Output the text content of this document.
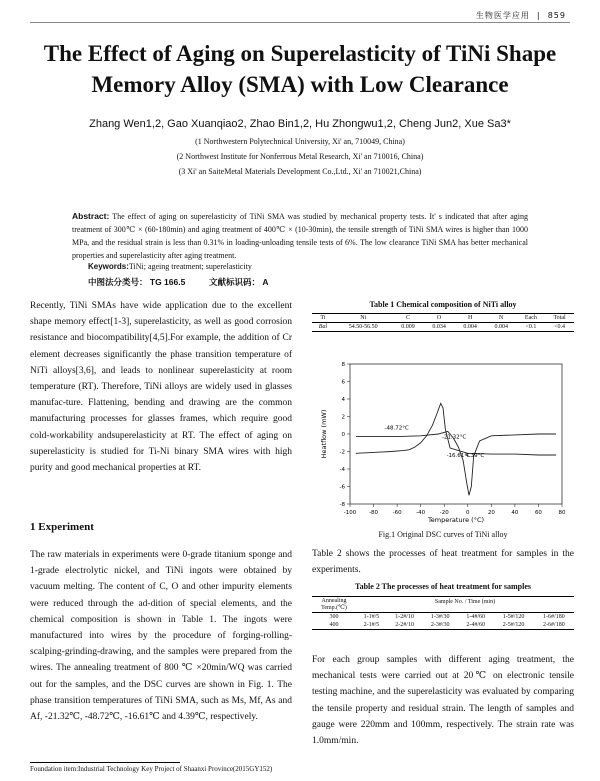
生物医学应用  |  859
The Effect of Aging on Superelasticity of TiNi Shape Memory Alloy (SMA) with Low Clearance
Zhang Wen1,2, Gao Xuanqiao2, Zhao Bin1,2, Hu Zhongwu1,2, Cheng Jun2, Xue Sa3*
(1 Northwestern Polytechnical University, Xi' an, 710049, China)
(2 Northwest Institute for Nonferrous Metal Research, Xi' an 710016, China)
(3 Xi' an SaiteMetal Materials Development Co.,Ltd., Xi' an 710021,China)
Abstract: The effect of aging on superelasticity of TiNi SMA was studied by mechanical property tests. It' s indicated that after aging treatment of 300℃ × (60-180min) and aging treatment of 400℃ × (10-30min), the tensile strength of TiNi SMA wires is higher than 1000 MPa, and the residual strain is less than 0.31% in loading-unloading tensile tests of 6%. The low clearance TiNi SMA has better mechanical properties and superelasticity after aging treatment.
Keywords:TiNi; ageing treatment; superelasticity
中图法分类号： TG 166.5	文献标识码： A
Recently, TiNi SMAs have wide application due to the excellent shape memory effect[1-3], superelasticity, as well as good corrosion resistance and biocompatibility[4,5].For example, the addition of Cr element decreases significantly the phase transition temperature of NiTi alloys[3,6], and leads to nonlinear superelasticity at room temperature (RT). Therefore, TiNi alloys are widely used in glasses manufac-ture. Flattening, bending and drawing are the common manufacturing processes for glasses frames, which require good cold-workability andsuperelasticity at RT. The effect of aging on superelasticity is studied for Ti-Ni binary SMA wires with high purity and good mechanical properties at RT.
1 Experiment
The raw materials in experiments were 0-grade titanium sponge and 1-grade electrolytic nickel, and TiNi ingots were obtained by vacuum melting. The content of C, O and other impurity elements were reduced through the ad-dition of special elements, and the chemical composition is shown in Table 1. The ingots were manufactured into wires by the procedure of forging-rolling-scalping-grinding-drawing, and the samples were prepared from the wires. The annealing treatment of 800 ℃ ×20min/WQ was carried out for the samples, and the DSC curves are shown in Fig. 1. The phase transition temperatures of TiNi SMA, such as Ms, Mf, As and Af, -21.32℃, -48.72℃, -16.61℃ and 4.39℃, respectively.
Table 1 Chemical composition of NiTi alloy
Ti	Ni	C	O	H	N	Each	Total
Bal	54.50-56.50	0.009	0.034	0.004	0.004	<0.1	<0.4
-100 -80	-60	-40	-20	0	20	40	60	80
-8
-6
-4
-2
0
2
4
6
8
Temperature (°C)
Heatflow (mW)	-48.72°C
-21.32°C
-16.61°C
4.39°C
Fig.1 Original DSC curves of TiNi alloy
Table 2 shows the processes of heat treatment for samples in the experiments.
Table 2 The processes of heat treatment for samples
Annealing Temp.(℃)	Sample No. / Time (min)					

300	1-1#/5	1-2#/10	1-3#/30	1-4#/60	1-5#/120	1-6#/180
400	2-1#/5	2-2#/10	2-3#/30	2-4#/60	2-5#/120	2-6#/180
For each group samples with different aging treatment, the mechanical tests were carried out at 20℃ on electronic tensile testing machine, and the superelasticity was evaluated by comparing the tensile property and residual strain. The length of samples and gauge were 220mm and 100mm, respectively. The strain rate was 1.0mm/min.
Foundation item:Industrial Technology Key Project of Shaanxi Province(2015GY152)
